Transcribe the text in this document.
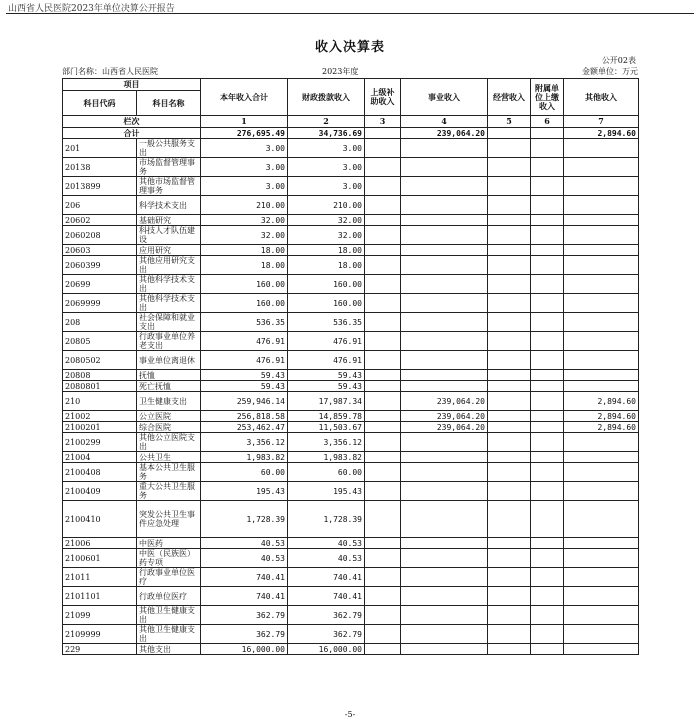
山西省人民医院2023年单位决算公开报告
收入决算表
公开02表
部门名称：山西省人民医院	2023年度	金额单位：万元
项目		本年收入合计	财政拨款收入	上级补助收入	事业收入	经营收入	附属单位上缴收入	其他收入
科目代码	科目名称							
栏次		1	2	3	4	5	6	7
合计		276,695.49	34,736.69		239,064.20			2,894.60
201	一般公共服务支出	3.00	3.00					
20138	市场监督管理事务	3.00	3.00					
2013899	其他市场监督管理事务	3.00	3.00					
206	科学技术支出	210.00	210.00					
20602	基础研究	32.00	32.00					
2060208	科技人才队伍建设	32.00	32.00					
20603	应用研究	18.00	18.00					
2060399	其他应用研究支出	18.00	18.00					
20699	其他科学技术支出	160.00	160.00					
2069999	其他科学技术支出	160.00	160.00					
208	社会保障和就业支出	536.35	536.35					
20805	行政事业单位养老支出	476.91	476.91					
2080502	事业单位离退休	476.91	476.91					
20808	抚恤	59.43	59.43					
2080801	死亡抚恤	59.43	59.43					
210	卫生健康支出	259,946.14	17,987.34		239,064.20			2,894.60
21002	公立医院	256,818.58	14,859.78		239,064.20			2,894.60
2100201	综合医院	253,462.47	11,503.67		239,064.20			2,894.60
2100299	其他公立医院支出	3,356.12	3,356.12					
21004	公共卫生	1,983.82	1,983.82					
2100408	基本公共卫生服务	60.00	60.00					
2100409	重大公共卫生服务	195.43	195.43					
2100410	突发公共卫生事件应急处理	1,728.39	1,728.39					
21006	中医药	40.53	40.53					
2100601	中医（民族医）药专项	40.53	40.53					
21011	行政事业单位医疗	740.41	740.41					
2101101	行政单位医疗	740.41	740.41					
21099	其他卫生健康支出	362.79	362.79					
2109999	其他卫生健康支出	362.79	362.79					
229	其他支出	16,000.00	16,000.00					
-5-
